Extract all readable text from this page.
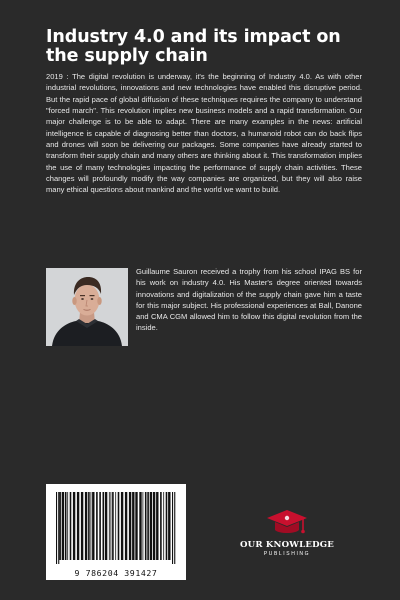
Industry 4.0 and its impact on the supply chain

2019 : The digital revolution is underway, it's the beginning of Industry 4.0. As with other industrial revolutions, innovations and new technologies have enabled this disruptive period. But the rapid pace of global diffusion of these techniques requires the company to understand "forced march". This revolution implies new business models and a rapid transformation. Our major challenge is to be able to adapt. There are many examples in the news: artificial intelligence is capable of diagnosing better than doctors, a humanoid robot can do back flips and drones will soon be delivering our packages. Some companies have already started to transform their supply chain and many others are thinking about it. This transformation implies the use of many technologies impacting the performance of supply chain activities. These changes will profoundly modify the way companies are organized, but they will also raise many ethical questions about mankind and the world we want to build.

Guillaume Sauron received a trophy from his school IPAG BS for his work on industry 4.0. His Master's degree oriented towards innovations and digitalization of the supply chain gave him a taste for this major subject. His professional experiences at Ball, Danone and CMA CGM allowed him to follow this digital revolution from the inside.

9 786204 391427
OUR KNOWLEDGE
PUBLISHING
